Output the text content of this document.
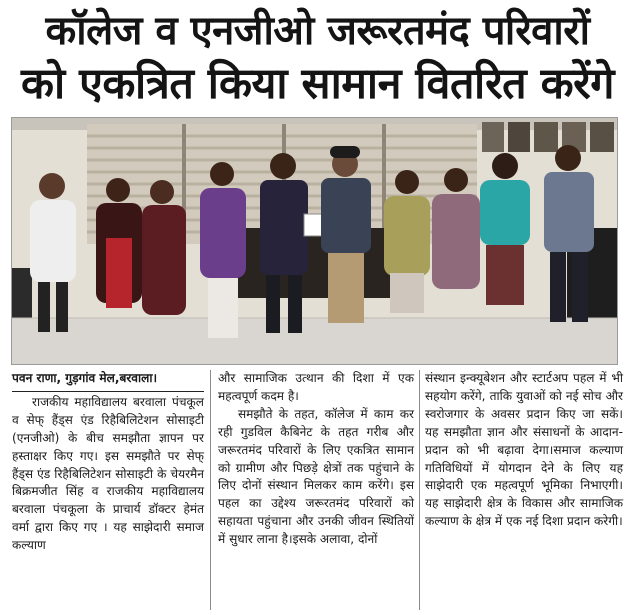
कॉलेज व एनजीओ जरूरतमंद परिवारों
को एकत्रित किया सामान वितरित करेंगे

पवन राणा, गुड़गांव मेल,बरवाला।

राजकीय महाविद्यालय बरवाला पंचकूल व सेफ् हैंड्स एंड रिहैबिलिटेशन सोसाइटी (एनजीओ) के बीच समझौता ज्ञापन पर हस्ताक्षर किए गए। इस समझौते पर सेफ् हैंड्स एंड रिहैबिलिटेशन सोसाइटी के चेयरमैन बिक्रमजीत सिंह व राजकीय महाविद्यालय बरवाला पंचकूला के प्राचार्य डॉक्टर हेमंत वर्मा द्वारा किए गए । यह साझेदारी समाज कल्याण

और सामाजिक उत्थान की दिशा में एक महत्वपूर्ण कदम है।

समझौते के तहत, कॉलेज में काम कर रही गुडविल कैबिनेट के तहत गरीब और जरूरतमंद परिवारों के लिए एकत्रित सामान को ग्रामीण और पिछड़े क्षेत्रों तक पहुंचाने के लिए दोनों संस्थान मिलकर काम करेंगे। इस पहल का उद्देश्य जरूरतमंद परिवारों को सहायता पहुंचाना और उनकी जीवन स्थितियों में सुधार लाना है।इसके अलावा, दोनों

संस्थान इन्क्यूबेशन और स्टार्टअप पहल में भी सहयोग करेंगे, ताकि युवाओं को नई सोच और स्वरोजगार के अवसर प्रदान किए जा सकें। यह समझौता ज्ञान और संसाधनों के आदान-प्रदान को भी बढ़ावा देगा।समाज कल्याण गतिविधियों में योगदान देने के लिए यह साझेदारी एक महत्वपूर्ण भूमिका निभाएगी। यह साझेदारी क्षेत्र के विकास और सामाजिक कल्याण के क्षेत्र में एक नई दिशा प्रदान करेगी।
